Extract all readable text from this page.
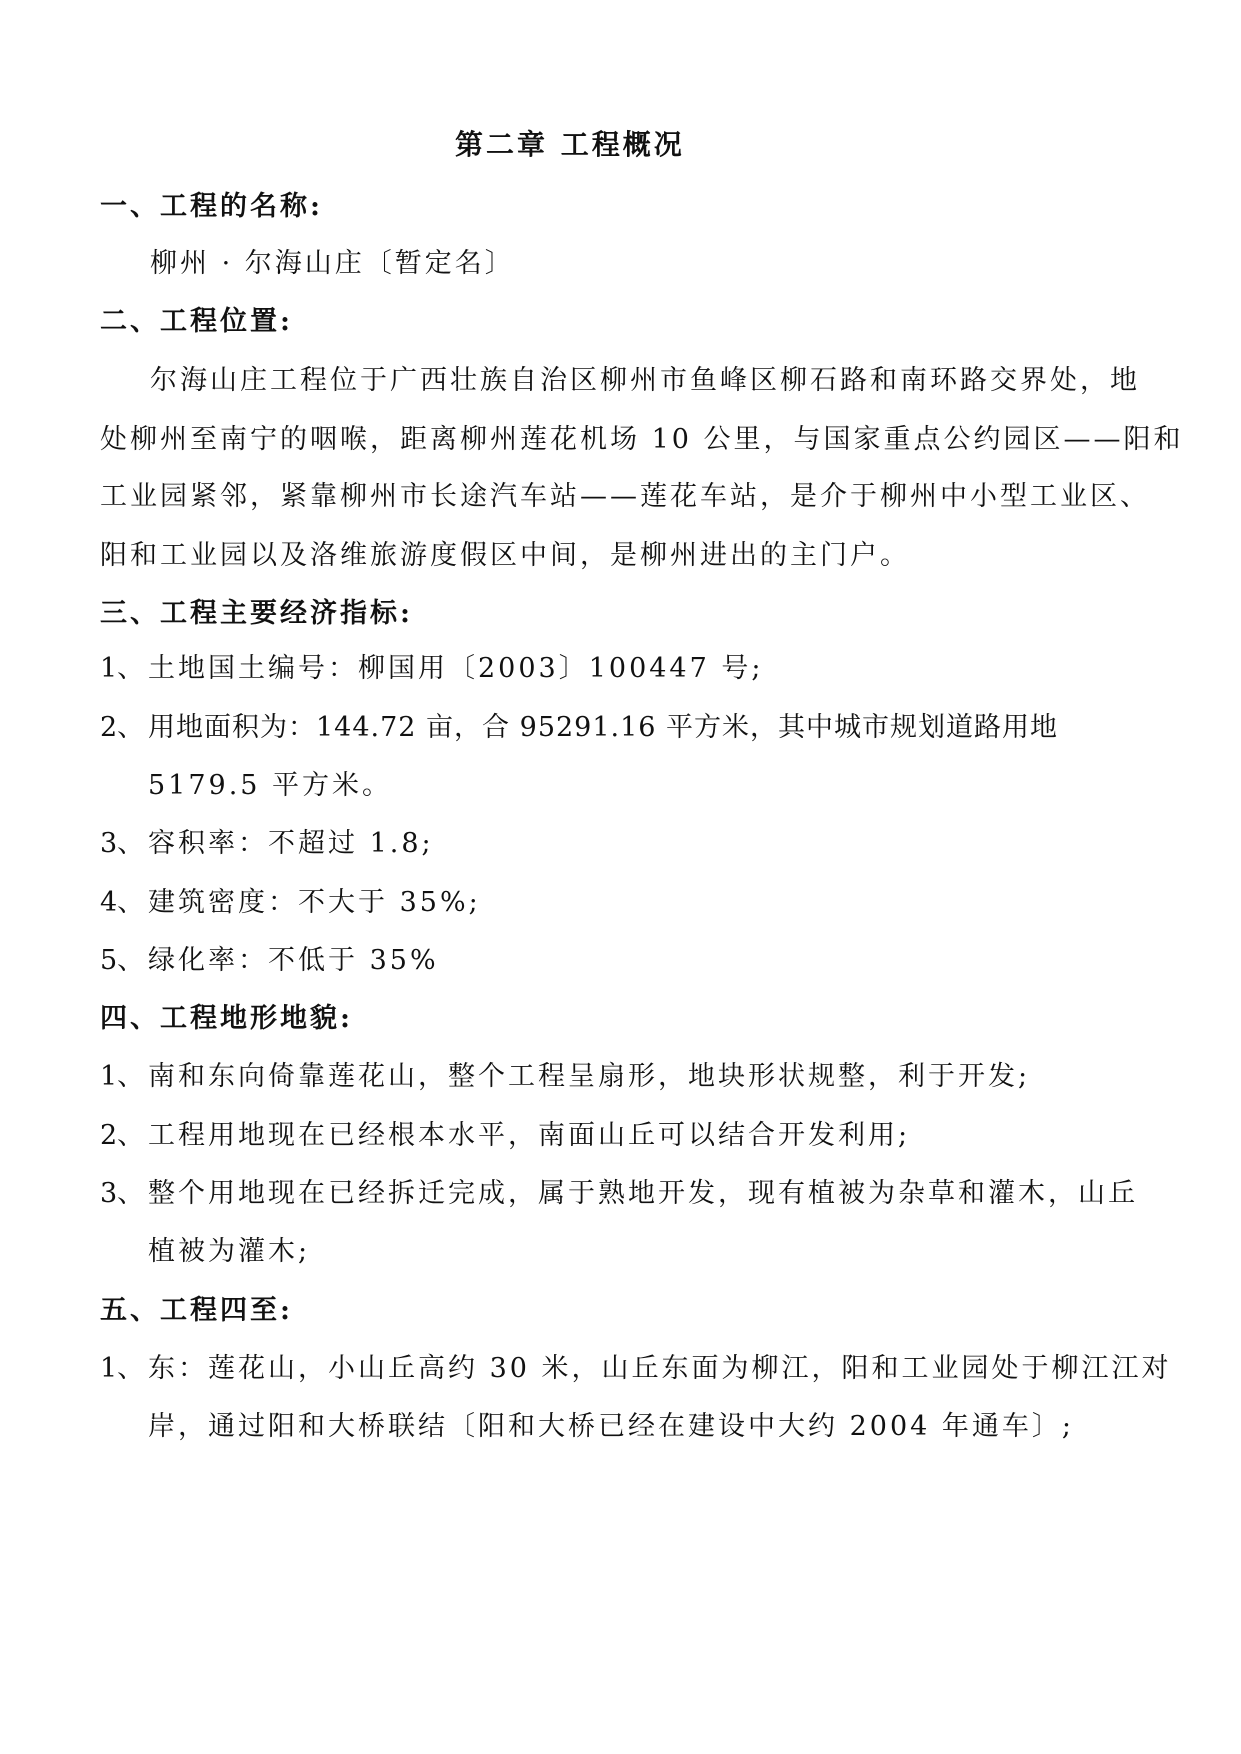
第二章 工程概况
一、工程的名称:
柳州 · 尔海山庄〔暂定名〕
二、工程位置:
尔海山庄工程位于广西壮族自治区柳州市鱼峰区柳石路和南环路交界处，地
处柳州至南宁的咽喉，距离柳州莲花机场 10 公里，与国家重点公约园区——阳和
工业园紧邻，紧靠柳州市长途汽车站——莲花车站，是介于柳州中小型工业区、
阳和工业园以及洛维旅游度假区中间，是柳州进出的主门户。
三、工程主要经济指标:
1、 土地国土编号：柳国用〔2003〕100447 号;
2、 用地面积为：144.72 亩，合 95291.16 平方米，其中城市规划道路用地
5179.5 平方米。
3、 容积率：不超过 1.8;
4、 建筑密度：不大于 35%;
5、 绿化率：不低于 35%
四、工程地形地貌:
1、 南和东向倚靠莲花山，整个工程呈扇形，地块形状规整，利于开发;
2、 工程用地现在已经根本水平，南面山丘可以结合开发利用;
3、 整个用地现在已经拆迁完成，属于熟地开发，现有植被为杂草和灌木，山丘
植被为灌木;
五、工程四至:
1、 东：莲花山，小山丘高约 30 米，山丘东面为柳江，阳和工业园处于柳江江对
岸，通过阳和大桥联结〔阳和大桥已经在建设中大约 2004 年通车〕;
